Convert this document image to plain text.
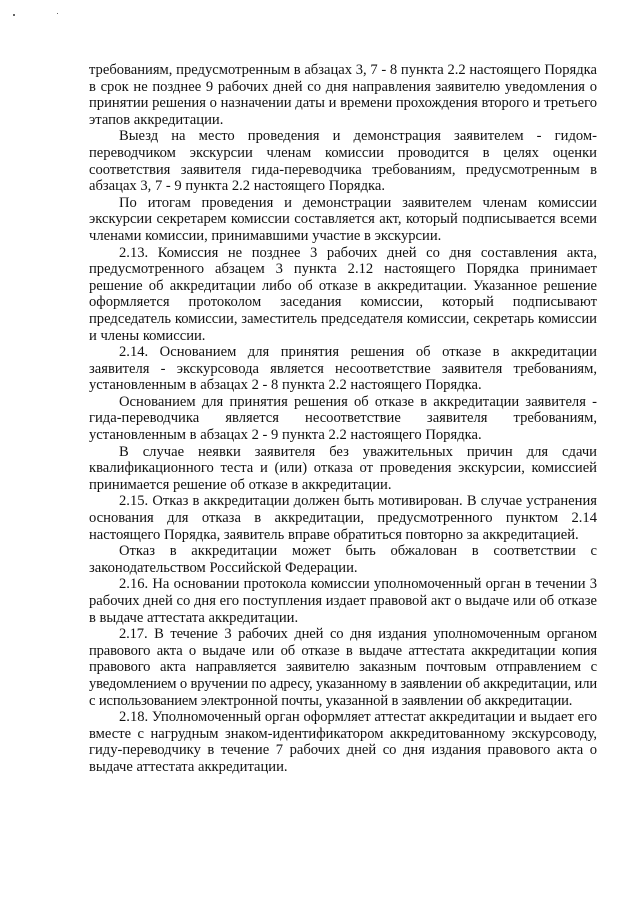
требованиям, предусмотренным в абзацах 3, 7 - 8 пункта 2.2 настоящего Порядка в срок не позднее 9 рабочих дней со дня направления заявителю уведомления о принятии решения о назначении даты и времени прохождения второго и третьего этапов аккредитации.

Выезд на место проведения и демонстрация заявителем - гидом-переводчиком экскурсии членам комиссии проводится в целях оценки соответствия заявителя гида-переводчика требованиям, предусмотренным в абзацах 3, 7 - 9 пункта 2.2 настоящего Порядка.

По итогам проведения и демонстрации заявителем членам комиссии экскурсии секретарем комиссии составляется акт, который подписывается всеми членами комиссии, принимавшими участие в экскурсии.

2.13. Комиссия не позднее 3 рабочих дней со дня составления акта, предусмотренного абзацем 3 пункта 2.12 настоящего Порядка принимает решение об аккредитации либо об отказе в аккредитации. Указанное решение оформляется протоколом заседания комиссии, который подписывают председатель комиссии, заместитель председателя комиссии, секретарь комиссии и члены комиссии.

2.14. Основанием для принятия решения об отказе в аккредитации заявителя - экскурсовода является несоответствие заявителя требованиям, установленным в абзацах 2 - 8 пункта 2.2 настоящего Порядка.

Основанием для принятия решения об отказе в аккредитации заявителя - гида-переводчика является несоответствие заявителя требованиям, установленным в абзацах 2 - 9 пункта 2.2 настоящего Порядка.

В случае неявки заявителя без уважительных причин для сдачи квалификационного теста и (или) отказа от проведения экскурсии, комиссией принимается решение об отказе в аккредитации.

2.15. Отказ в аккредитации должен быть мотивирован. В случае устранения основания для отказа в аккредитации, предусмотренного пунктом 2.14 настоящего Порядка, заявитель вправе обратиться повторно за аккредитацией.

Отказ в аккредитации может быть обжалован в соответствии с законодательством Российской Федерации.

2.16. На основании протокола комиссии уполномоченный орган в течении 3 рабочих дней со дня его поступления издает правовой акт о выдаче или об отказе в выдаче аттестата аккредитации.

2.17. В течение 3 рабочих дней со дня издания уполномоченным органом правового акта о выдаче или об отказе в выдаче аттестата аккредитации копия правового акта направляется заявителю заказным почтовым отправлением с уведомлением о вручении по адресу, указанному в заявлении об аккредитации, или с использованием электронной почты, указанной в заявлении об аккредитации.

2.18. Уполномоченный орган оформляет аттестат аккредитации и выдает его вместе с нагрудным знаком-идентификатором аккредитованному экскурсоводу, гиду-переводчику в течение 7 рабочих дней со дня издания правового акта о выдаче аттестата аккредитации.
